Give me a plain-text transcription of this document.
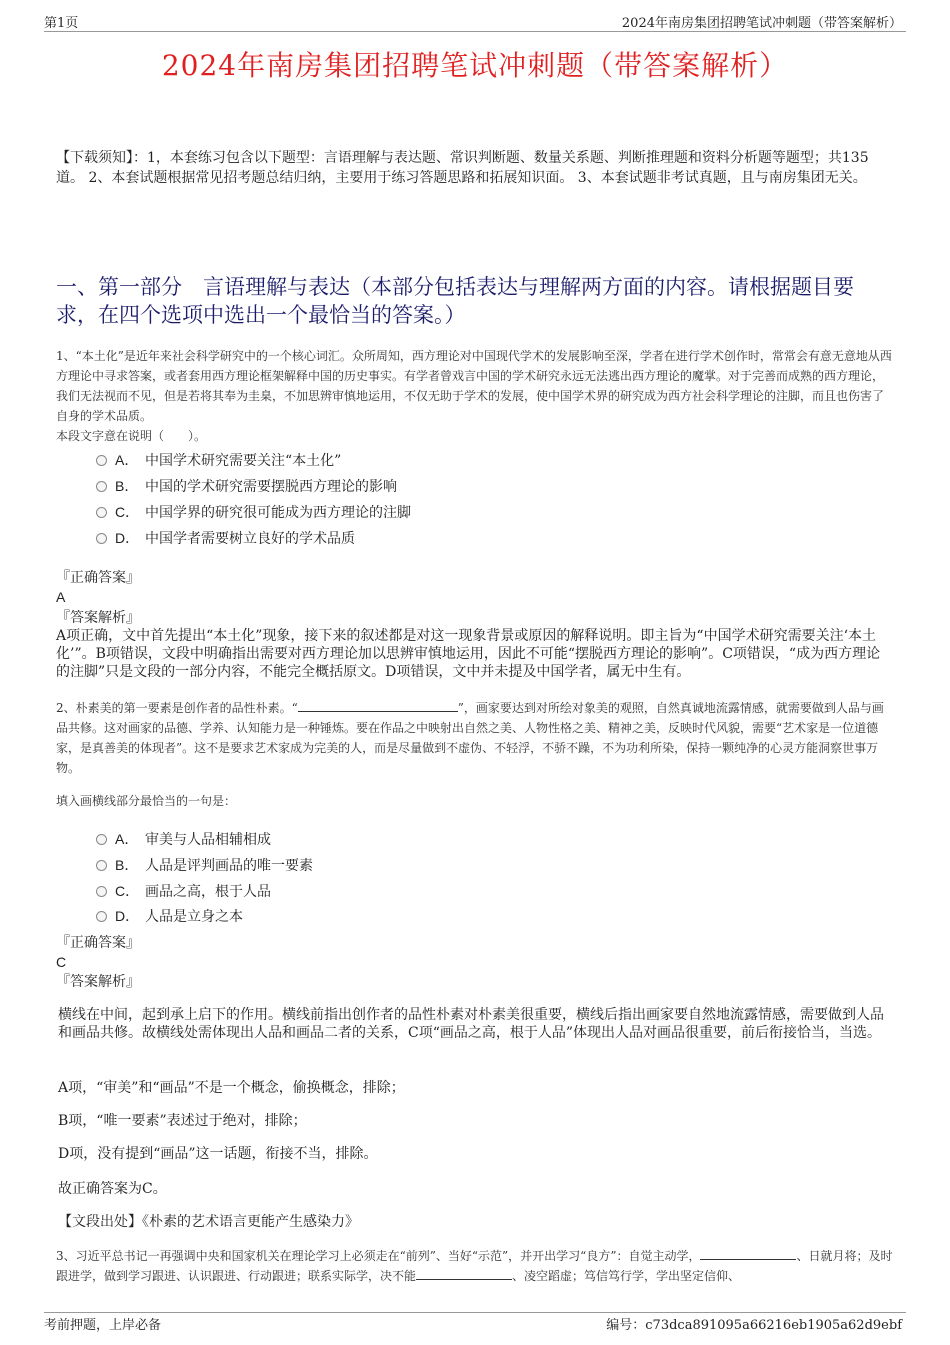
第1页	2024年南房集团招聘笔试冲刺题（带答案解析）
2024年南房集团招聘笔试冲刺题（带答案解析）
【下载须知】：1，本套练习包含以下题型：言语理解与表达题、常识判断题、数量关系题、判断推理题和资料分析题等题型；共135道。 2、本套试题根据常见招考题总结归纳，主要用于练习答题思路和拓展知识面。 3、本套试题非考试真题，且与南房集团无关。
一、第一部分　言语理解与表达（本部分包括表达与理解两方面的内容。请根据题目要求，在四个选项中选出一个最恰当的答案。）
1、“本土化”是近年来社会科学研究中的一个核心词汇。众所周知，西方理论对中国现代学术的发展影响至深，学者在进行学术创作时，常常会有意无意地从西方理论中寻求答案，或者套用西方理论框架解释中国的历史事实。有学者曾戏言中国的学术研究永远无法逃出西方理论的魔掌。对于完善而成熟的西方理论，我们无法视而不见，但是若将其奉为圭臬，不加思辨审慎地运用，不仅无助于学术的发展，使中国学术界的研究成为西方社会科学理论的注脚，而且也伤害了自身的学术品质。
本段文字意在说明（　　）。
A． 中国学术研究需要关注“本土化”
B． 中国的学术研究需要摆脱西方理论的影响
C． 中国学界的研究很可能成为西方理论的注脚
D． 中国学者需要树立良好的学术品质
『正确答案』
A
『答案解析』
A项正确，文中首先提出“本土化”现象，接下来的叙述都是对这一现象背景或原因的解释说明。即主旨为“中国学术研究需要关注‘本土化’”。B项错误，文段中明确指出需要对西方理论加以思辨审慎地运用，因此不可能“摆脱西方理论的影响”。C项错误，“成为西方理论的注脚”只是文段的一部分内容，不能完全概括原文。D项错误，文中并未提及中国学者，属无中生有。
2、朴素美的第一要素是创作者的品性朴素。“	”，画家要达到对所绘对象美的观照，自然真诚地流露情感，就需要做到人品与画品共修。这对画家的品德、学养、认知能力是一种锤炼。要在作品之中映射出自然之美、人物性格之美、精神之美，反映时代风貌，需要“艺术家是一位道德家，是真善美的体现者”。这不是要求艺术家成为完美的人，而是尽量做到不虚伪、不轻浮，不骄不躁，不为功利所染，保持一颗纯净的心灵方能洞察世事万物。
填入画横线部分最恰当的一句是：
A． 审美与人品相辅相成
B． 人品是评判画品的唯一要素
C． 画品之高，根于人品
D． 人品是立身之本
『正确答案』
C
『答案解析』
横线在中间，起到承上启下的作用。横线前指出创作者的品性朴素对朴素美很重要，横线后指出画家要自然地流露情感，需要做到人品和画品共修。故横线处需体现出人品和画品二者的关系，C项“画品之高，根于人品”体现出人品对画品很重要，前后衔接恰当，当选。
A项，“审美”和“画品”不是一个概念，偷换概念，排除；
B项，“唯一要素”表述过于绝对，排除；
D项，没有提到“画品”这一话题，衔接不当，排除。
故正确答案为C。
【文段出处】《朴素的艺术语言更能产生感染力》
3、习近平总书记一再强调中央和国家机关在理论学习上必须走在“前列”、当好“示范”，并开出学习“良方”：自觉主动学，	、日就月将；及时跟进学，做到学习跟进、认识跟进、行动跟进；联系实际学，决不能	、凌空蹈虚；笃信笃行学，学出坚定信仰、
考前押题，上岸必备	编号：c73dca891095a66216eb1905a62d9ebf
